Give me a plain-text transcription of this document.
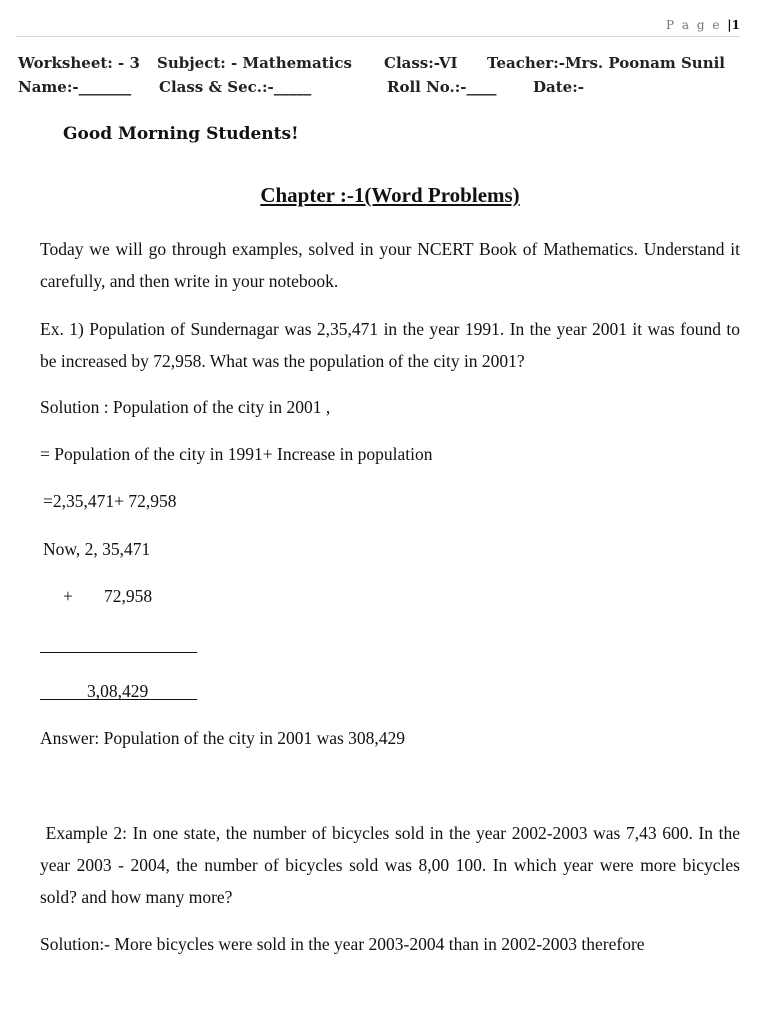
P a g e |1
Worksheet: - 3 Subject: - Mathematics Class:-VI Teacher:-Mrs. Poonam Sunil
Name:-_______ Class & Sec.:-_____	Roll No.:-____ Date:-
Good Morning Students!
Chapter :-1(Word Problems)
Today we will go through examples, solved in your NCERT Book of Mathematics. Understand it carefully, and then write in your notebook.
Ex. 1) Population of Sundernagar was 2,35,471 in the year 1991. In the year 2001 it was found to be increased by 72,958. What was the population of the city in 2001?
Solution : Population of the city in 2001 ,
= Population of the city in 1991+ Increase in population
=2,35,471+ 72,958
Now, 2, 35,471
+ 72,958
3,08,429
Answer: Population of the city in 2001 was 308,429
Example 2: In one state, the number of bicycles sold in the year 2002-2003 was 7,43 600. In the year 2003 - 2004, the number of bicycles sold was 8,00 100. In which year were more bicycles sold? and how many more?
Solution:- More bicycles were sold in the year 2003-2004 than in 2002-2003 therefore
